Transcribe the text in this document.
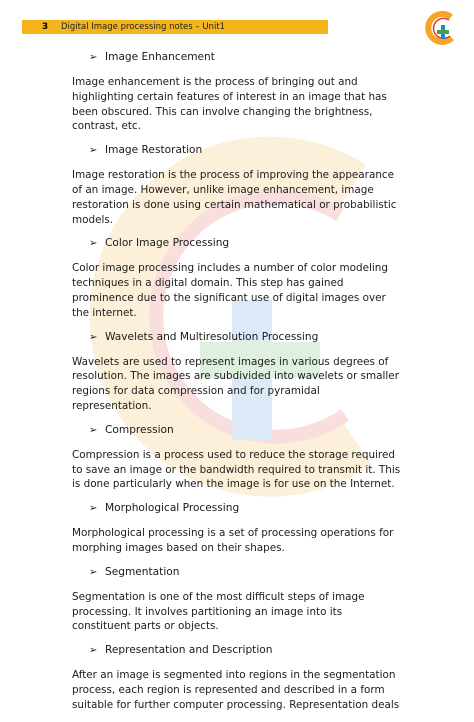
3	Digital Image processing notes – Unit1
➢ Image Enhancement

Image enhancement is the process of bringing out and highlighting certain features of interest in an image that has been obscured. This can involve changing the brightness, contrast, etc.

➢ Image Restoration

Image restoration is the process of improving the appearance of an image. However, unlike image enhancement, image restoration is done using certain mathematical or probabilistic models.

➢ Color Image Processing

Color image processing includes a number of color modeling techniques in a digital domain. This step has gained prominence due to the significant use of digital images over the internet.

➢ Wavelets and Multiresolution Processing

Wavelets are used to represent images in various degrees of resolution. The images are subdivided into wavelets or smaller regions for data compression and for pyramidal representation.

➢ Compression

Compression is a process used to reduce the storage required to save an image or the bandwidth required to transmit it. This is done particularly when the image is for use on the Internet.

➢ Morphological Processing

Morphological processing is a set of processing operations for morphing images based on their shapes.

➢ Segmentation

Segmentation is one of the most difficult steps of image processing. It involves partitioning an image into its constituent parts or objects.

➢ Representation and Description

After an image is segmented into regions in the segmentation process, each region is represented and described in a form suitable for further computer processing. Representation deals
